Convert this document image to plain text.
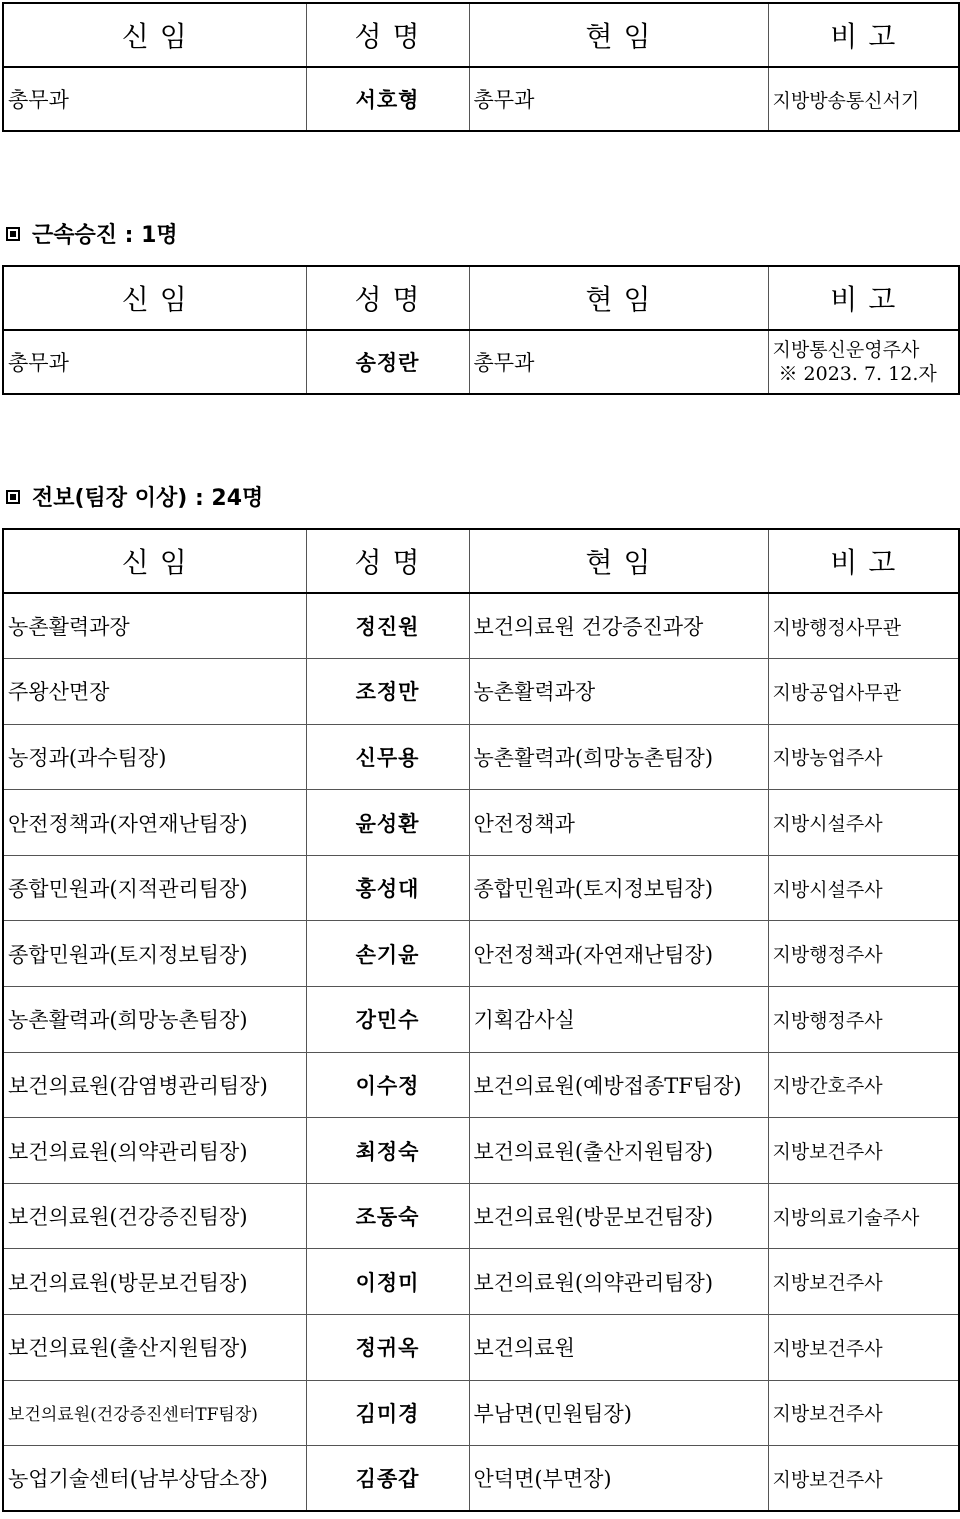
신 임	성 명	현 임	비 고
총무과	서호형	총무과	지방방송통신서기
근속승진 : 1명
신 임	성 명	현 임	비 고
총무과	송정란	총무과	지방통신운영주사
※ 2023. 7. 12.자
전보(팀장 이상) : 24명
신 임	성 명	현 임	비 고
농촌활력과장	정진원	보건의료원 건강증진과장	지방행정사무관
주왕산면장	조정만	농촌활력과장	지방공업사무관
농정과(과수팀장)	신무용	농촌활력과(희망농촌팀장)	지방농업주사
안전정책과(자연재난팀장)	윤성환	안전정책과	지방시설주사
종합민원과(지적관리팀장)	홍성대	종합민원과(토지정보팀장)	지방시설주사
종합민원과(토지정보팀장)	손기윤	안전정책과(자연재난팀장)	지방행정주사
농촌활력과(희망농촌팀장)	강민수	기획감사실	지방행정주사
보건의료원(감염병관리팀장)	이수정	보건의료원(예방접종TF팀장)	지방간호주사
보건의료원(의약관리팀장)	최정숙	보건의료원(출산지원팀장)	지방보건주사
보건의료원(건강증진팀장)	조동숙	보건의료원(방문보건팀장)	지방의료기술주사
보건의료원(방문보건팀장)	이정미	보건의료원(의약관리팀장)	지방보건주사
보건의료원(출산지원팀장)	정귀옥	보건의료원	지방보건주사
보건의료원(건강증진센터TF팀장)	김미경	부남면(민원팀장)	지방보건주사
농업기술센터(남부상담소장)	김종갑	안덕면(부면장)	지방보건주사
